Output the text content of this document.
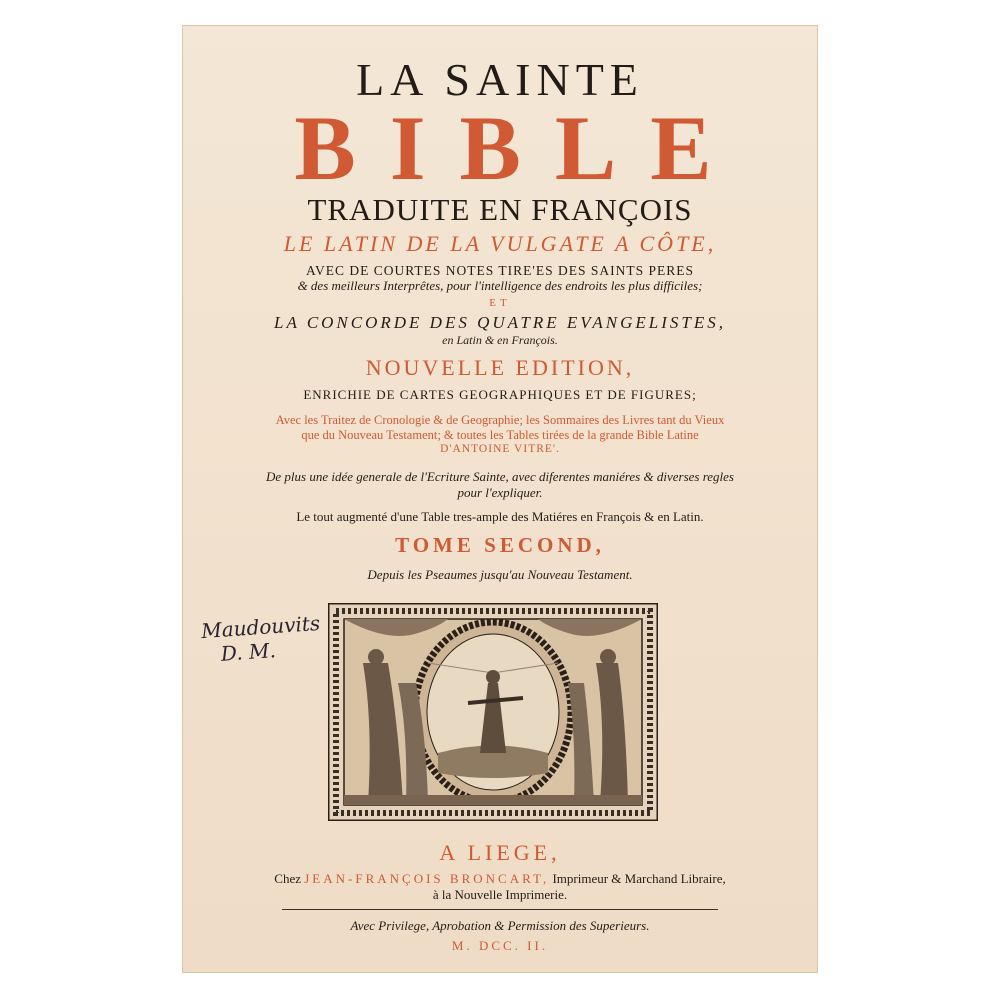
LA SAINTE
BIBLE
TRADUITE EN FRANÇOIS
LE LATIN DE LA VULGATE A CÔTE,
AVEC DE COURTES NOTES TIRE'ES DES SAINTS PERES
& des meilleurs Interprêtes, pour l'intelligence des endroits les plus difficiles;
ET
LA CONCORDE DES QUATRE EVANGELISTES,
en Latin & en François.
NOUVELLE EDITION,
ENRICHIE DE CARTES GEOGRAPHIQUES ET DE FIGURES;
Avec les Traitez de Cronologie & de Geographie; les Sommaires des Livres tant du Vieux
que du Nouveau Testament; & toutes les Tables tirées de la grande Bible Latine
D'ANTOINE VITRE'.
De plus une idée generale de l'Ecriture Sainte, avec diferentes maniéres & diverses regles
pour l'expliquer.
Le tout augmenté d'une Table tres-ample des Matiéres en François & en Latin.
TOME SECOND,
Depuis les Pseaumes jusqu'au Nouveau Testament.
Maudouvits
D. M.
A LIEGE,
Chez JEAN-FRANÇOIS BRONCART, Imprimeur & Marchand Libraire,
à la Nouvelle Imprimerie.
Avec Privilege, Aprobation & Permission des Superieurs.
M. DCC. II.
